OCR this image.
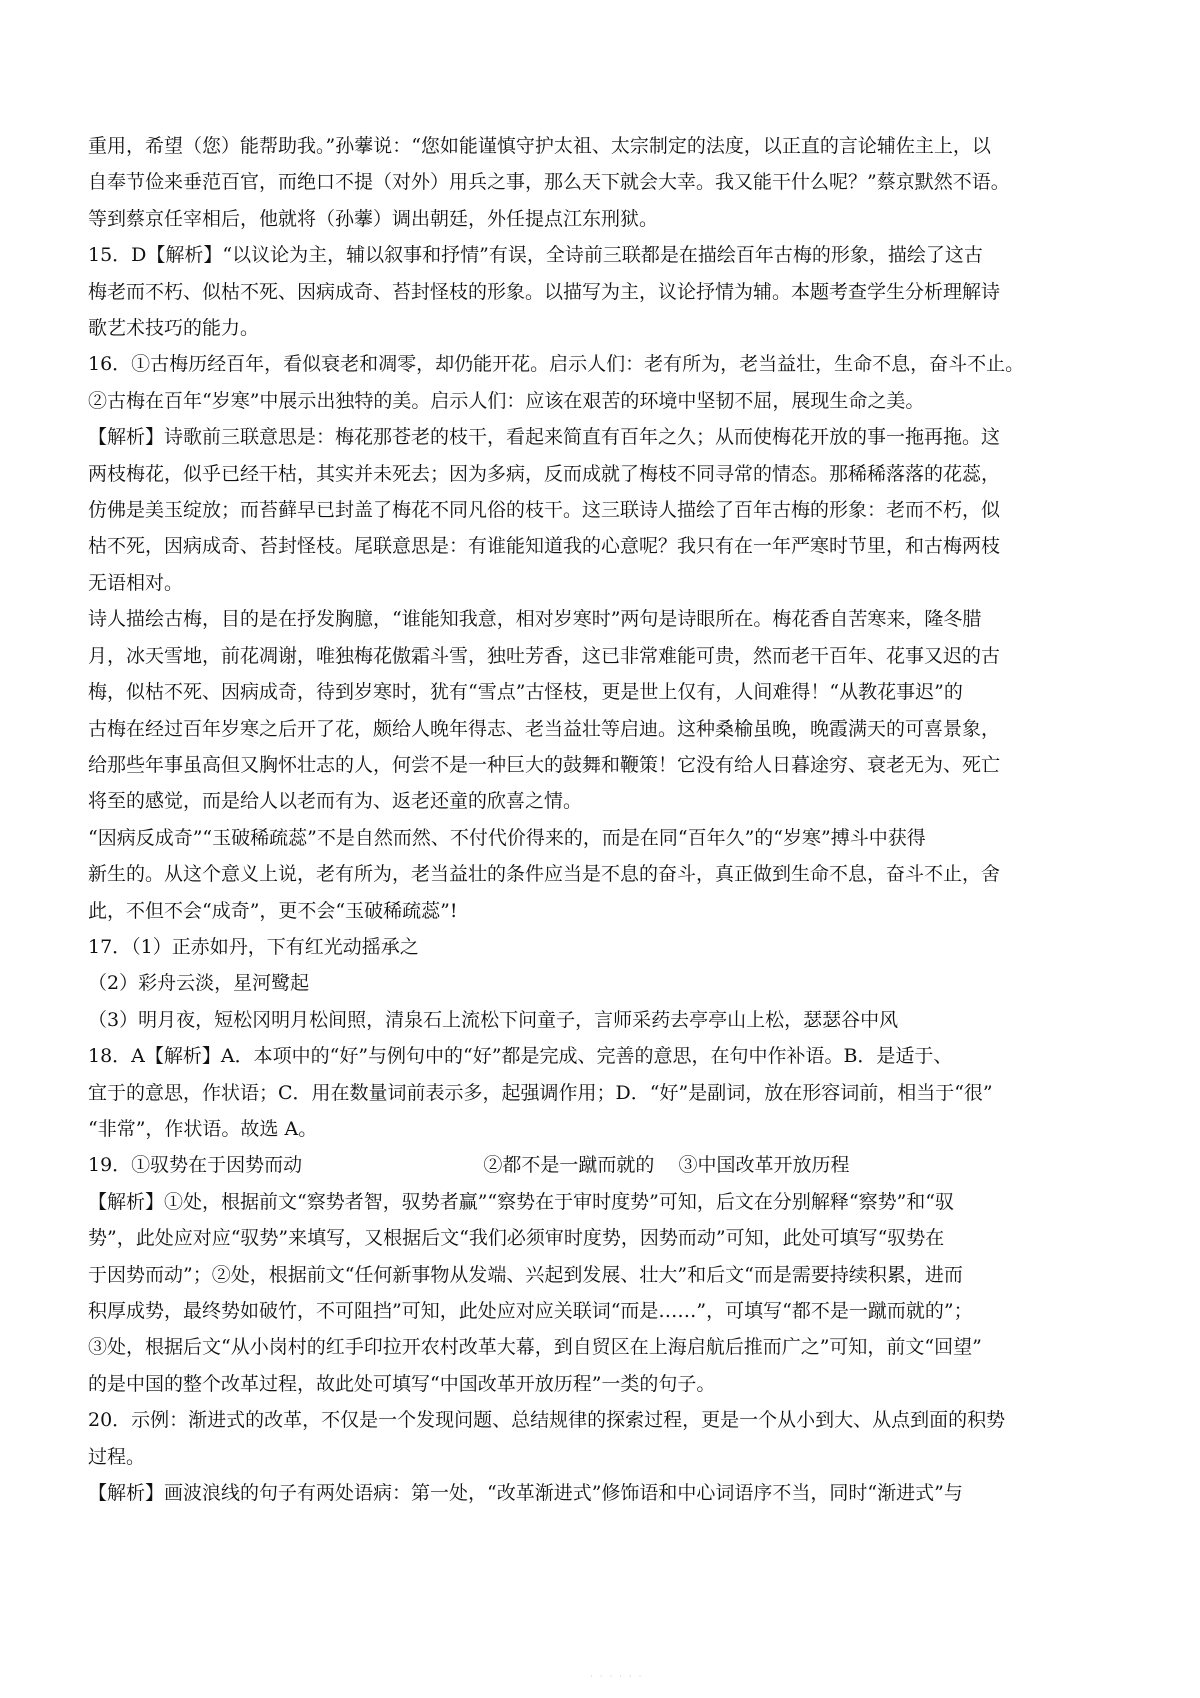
重用，希望（您）能帮助我。”孙藆说：“您如能谨慎守护太祖、太宗制定的法度，以正直的言论辅佐主上，以

自奉节俭来垂范百官，而绝口不提（对外）用兵之事，那么天下就会大幸。我又能干什么呢？”蔡京默然不语。

等到蔡京任宰相后，他就将（孙藆）调出朝廷，外任提点江东刑狱。

15．D【解析】“以议论为主，辅以叙事和抒情”有误，全诗前三联都是在描绘百年古梅的形象，描绘了这古

梅老而不朽、似枯不死、因病成奇、苔封怪枝的形象。以描写为主，议论抒情为辅。本题考查学生分析理解诗

歌艺术技巧的能力。

16．①古梅历经百年，看似衰老和凋零，却仍能开花。启示人们：老有所为，老当益壮，生命不息，奋斗不止。

②古梅在百年“岁寒”中展示出独特的美。启示人们：应该在艰苦的环境中坚韧不屈，展现生命之美。

【解析】诗歌前三联意思是：梅花那苍老的枝干，看起来简直有百年之久；从而使梅花开放的事一拖再拖。这

两枝梅花，似乎已经干枯，其实并未死去；因为多病，反而成就了梅枝不同寻常的情态。那稀稀落落的花蕊，

仿佛是美玉绽放；而苔藓早已封盖了梅花不同凡俗的枝干。这三联诗人描绘了百年古梅的形象：老而不朽，似

枯不死，因病成奇、苔封怪枝。尾联意思是：有谁能知道我的心意呢？我只有在一年严寒时节里，和古梅两枝

无语相对。

诗人描绘古梅，目的是在抒发胸臆，“谁能知我意，相对岁寒时”两句是诗眼所在。梅花香自苦寒来，隆冬腊

月，冰天雪地，前花凋谢，唯独梅花傲霜斗雪，独吐芳香，这已非常难能可贵，然而老干百年、花事又迟的古

梅，似枯不死、因病成奇，待到岁寒时，犹有“雪点”古怪枝，更是世上仅有，人间难得！“从教花事迟”的

古梅在经过百年岁寒之后开了花，颇给人晚年得志、老当益壮等启迪。这种桑榆虽晚，晚霞满天的可喜景象，

给那些年事虽高但又胸怀壮志的人，何尝不是一种巨大的鼓舞和鞭策！它没有给人日暮途穷、衰老无为、死亡

将至的感觉，而是给人以老而有为、返老还童的欣喜之情。

“因病反成奇”“玉破稀疏蕊”不是自然而然、不付代价得来的，而是在同“百年久”的“岁寒”搏斗中获得

新生的。从这个意义上说，老有所为，老当益壮的条件应当是不息的奋斗，真正做到生命不息，奋斗不止，舍

此，不但不会“成奇”，更不会“玉破稀疏蕊”!

17．（1）正赤如丹，下有红光动摇承之

（2）彩舟云淡，星河鹭起

（3）明月夜，短松冈明月松间照，清泉石上流松下问童子，言师采药去亭亭山上松，瑟瑟谷中风

18．A【解析】A．本项中的“好”与例句中的“好”都是完成、完善的意思，在句中作补语。B．是适于、

宜于的意思，作状语；C．用在数量词前表示多，起强调作用；D．“好”是副词，放在形容词前，相当于“很”

“非常”，作状语。故选 A。

19．①驭势在于因势而动                              ②都不是一蹴而就的    ③中国改革开放历程

【解析】①处，根据前文“察势者智，驭势者赢”“察势在于审时度势”可知，后文在分别解释“察势”和“驭

势”，此处应对应“驭势”来填写，又根据后文“我们必须审时度势，因势而动”可知，此处可填写“驭势在

于因势而动”；②处，根据前文“任何新事物从发端、兴起到发展、壮大”和后文“而是需要持续积累，进而

积厚成势，最终势如破竹，不可阻挡”可知，此处应对应关联词“而是……”，可填写“都不是一蹴而就的”；

③处，根据后文“从小岗村的红手印拉开农村改革大幕，到自贸区在上海启航后推而广之”可知，前文“回望”

的是中国的整个改革过程，故此处可填写“中国改革开放历程”一类的句子。

20．示例：渐进式的改革，不仅是一个发现问题、总结规律的探索过程，更是一个从小到大、从点到面的积势

过程。

【解析】画波浪线的句子有两处语病：第一处，“改革渐进式”修饰语和中心词语序不当，同时“渐进式”与

· · · · · ·
